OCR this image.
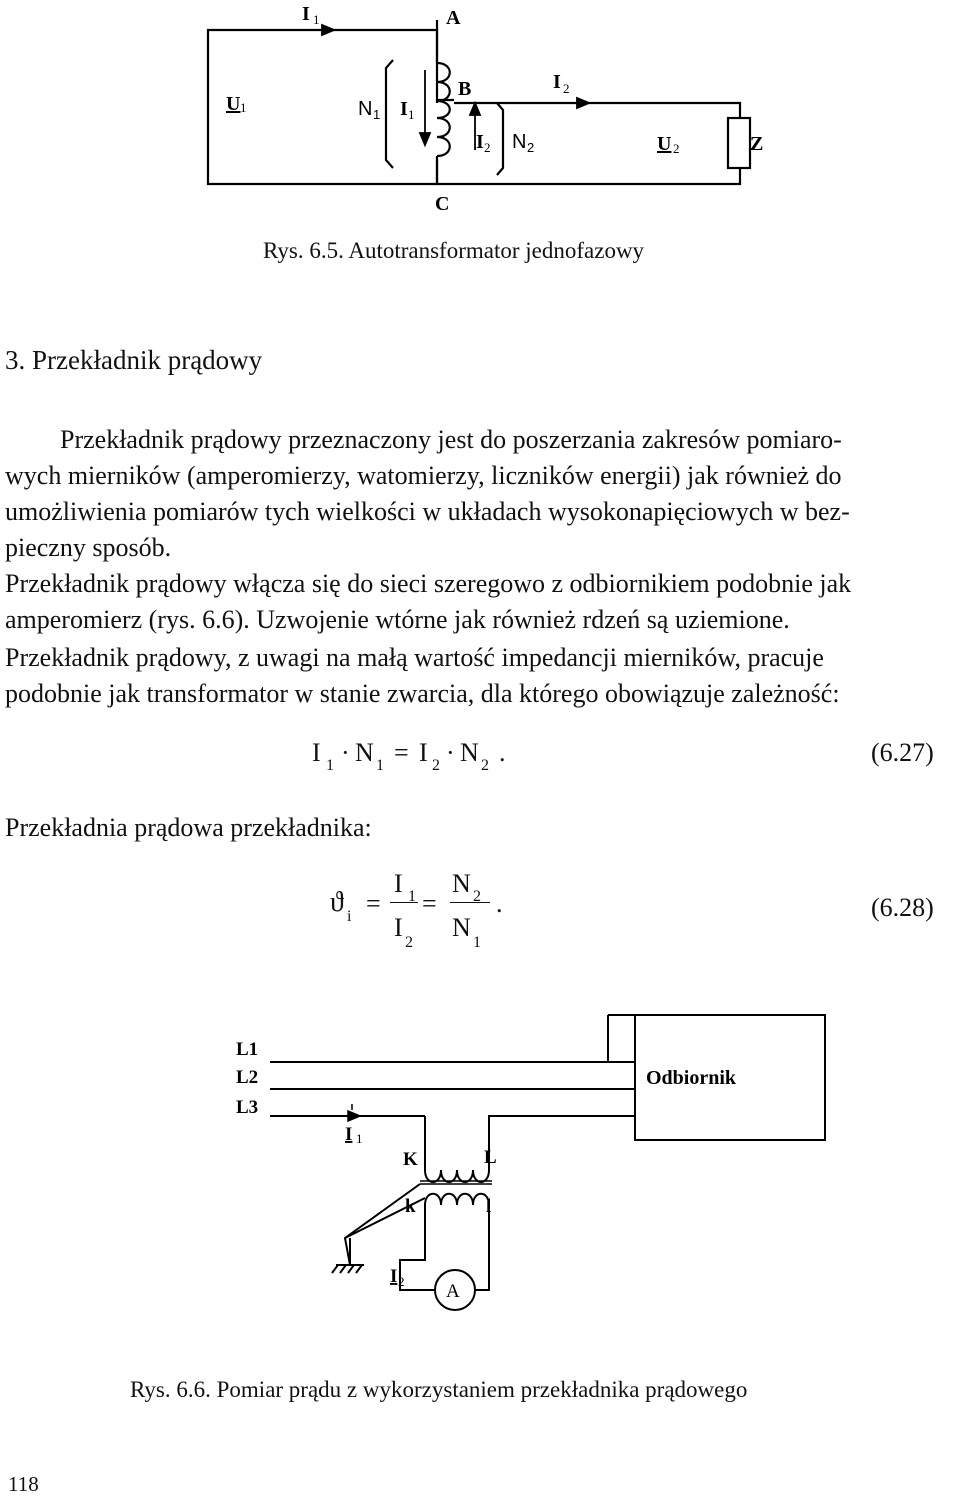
I 1	A
B
C
U 1	N 1 I 1
I 2
I 2 N 2	U 2	Z
Rys. 6.5. Autotransformator jednofazowy
3. Przekładnik prądowy
Przekładnik prądowy przeznaczony jest do poszerzania zakresów pomiaro-
wych mierników (amperomierzy, watomierzy, liczników energii) jak również do
umożliwienia pomiarów tych wielkości w układach wysokonapięciowych w bez-
pieczny sposób.
Przekładnik prądowy włącza się do sieci szeregowo z odbiornikiem podobnie jak
amperomierz (rys. 6.6). Uzwojenie wtórne jak również rdzeń są uziemione.
Przekładnik prądowy, z uwagi na małą wartość impedancji mierników, pracuje
podobnie jak transformator w stanie zwarcia, dla którego obowiązuje zależność:
I 1 · N 1 = I 2 · N 2 .	(6.27)
Przekładnia prądowa przekładnika:
ϑ i =
I 1
I
2
=
N 2
N
1
.	(6.28)
L1
L2
L3
Odbiornik
I 1
K	L
k	l
I 2 A
Rys. 6.6. Pomiar prądu z wykorzystaniem przekładnika prądowego
118
